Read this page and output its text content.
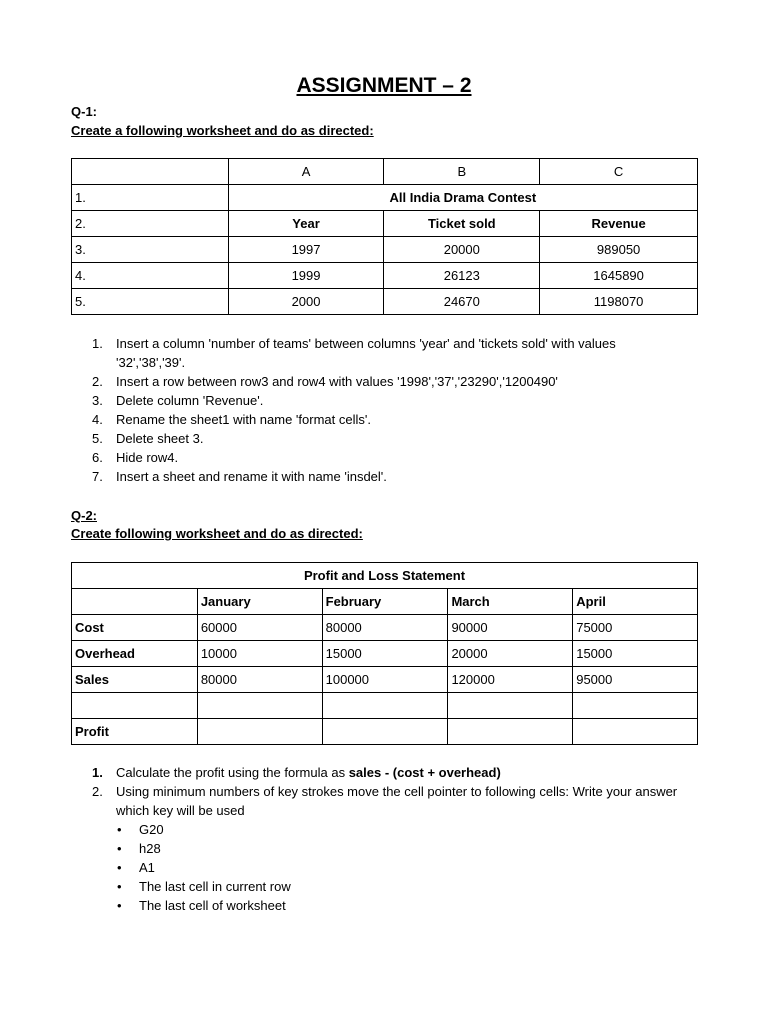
ASSIGNMENT – 2

Q-1:

Create a following worksheet and do as directed:

	A	B	C
1.	All India Drama Contest		
2.	Year	Ticket sold	Revenue
3.	1997	20000	989050
4.	1999	26123	1645890
5.	2000	24670	1198070
1. Insert a column 'number of teams' between columns 'year' and 'tickets sold' with values '32','38','39'.
2. Insert a row between row3 and row4 with values '1998','37','23290','1200490'
3. Delete column 'Revenue'.
4. Rename the sheet1 with name 'format cells'.
5. Delete sheet 3.
6. Hide row4.
7. Insert a sheet and rename it with name 'insdel'.

Q-2:

Create following worksheet and do as directed:

Profit and Loss Statement				
	January	February	March	April
Cost	60000	80000	90000	75000
Overhead	10000	15000	20000	15000
Sales	80000	100000	120000	95000

Profit				
1. Calculate the profit using the formula as sales - (cost + overhead)
2. Using minimum numbers of key strokes move the cell pointer to following cells: Write your answer which key will be used
• G20
• h28
• A1
• The last cell in current row
• The last cell of worksheet
